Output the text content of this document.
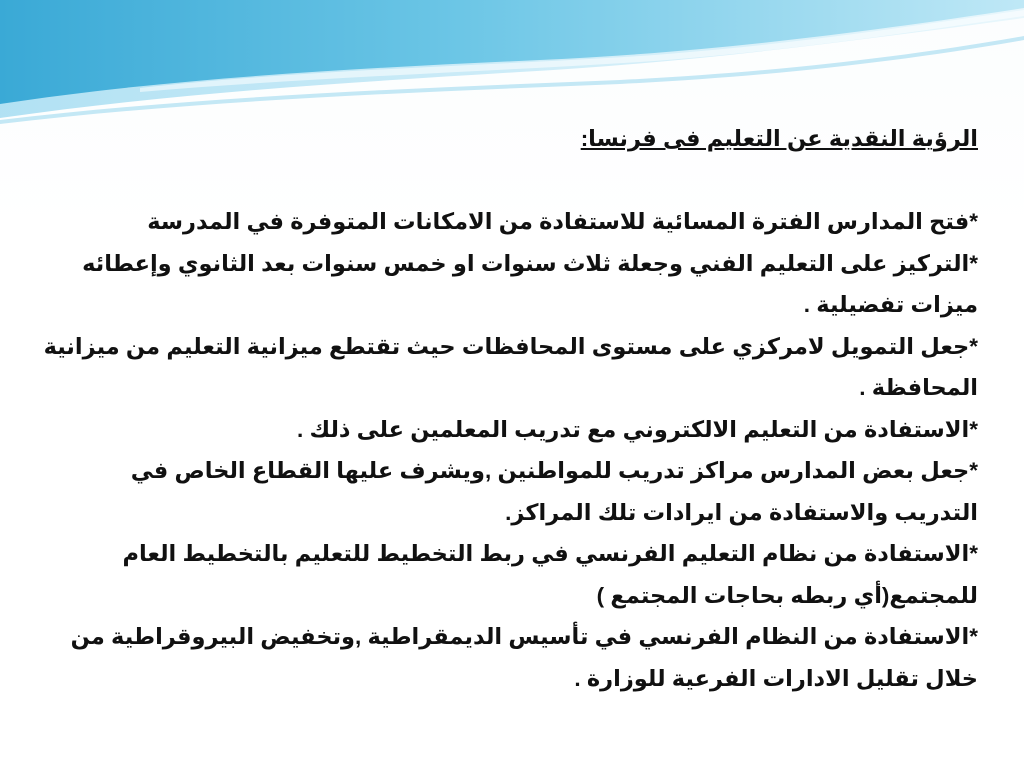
الرؤية النقدية عن التعليم فى فرنسا:

*فتح المدارس الفترة المسائية للاستفادة من الامكانات المتوفرة في المدرسة

*التركيز على التعليم الفني وجعلة ثلاث سنوات او خمس سنوات بعد الثانوي وإعطائه ميزات تفضيلية .

*جعل التمويل لامركزي على مستوى المحافظات حيث تقتطع ميزانية التعليم من ميزانية المحافظة .

*الاستفادة من التعليم الالكتروني مع تدريب المعلمين على ذلك .

*جعل بعض المدارس مراكز تدريب للمواطنين ,ويشرف عليها القطاع الخاص في التدريب والاستفادة من ايرادات تلك المراكز.

*الاستفادة من نظام التعليم الفرنسي في ربط التخطيط للتعليم بالتخطيط العام للمجتمع(أي ربطه بحاجات المجتمع )

*الاستفادة من النظام الفرنسي في تأسيس الديمقراطية ,وتخفيض البيروقراطية من خلال تقليل الادارات الفرعية للوزارة .
